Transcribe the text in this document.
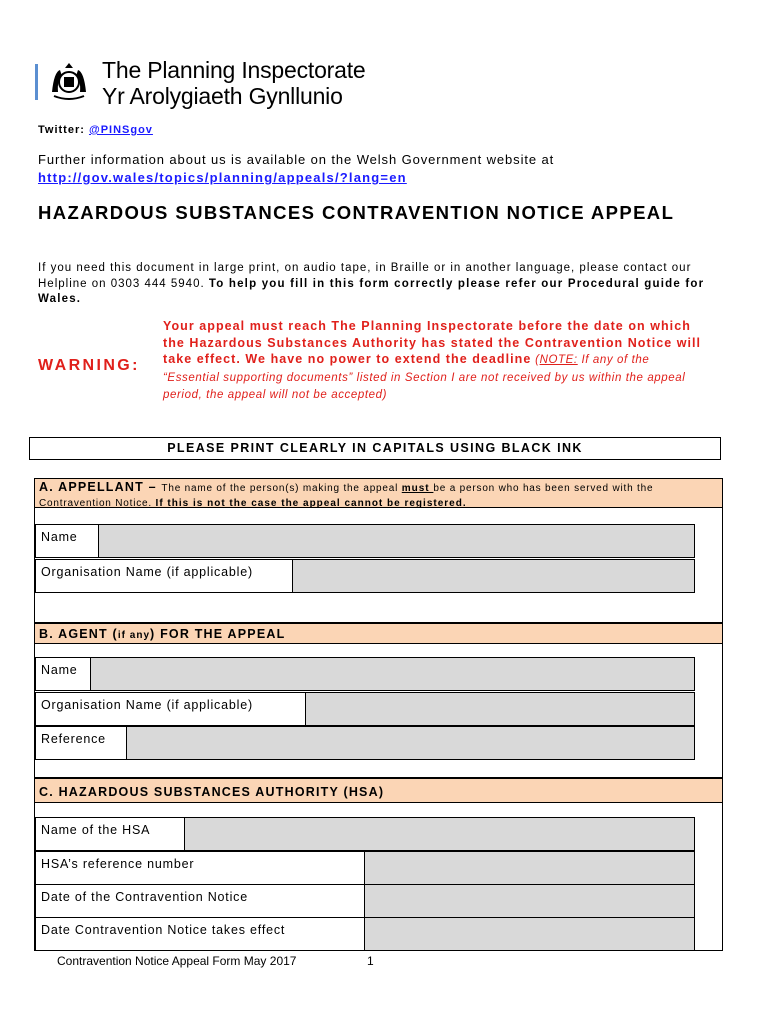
The Planning Inspectorate
Yr Arolygiaeth Gynllunio
Twitter: @PINSgov
Further information about us is available on the Welsh Government website at
http://gov.wales/topics/planning/appeals/?lang=en
HAZARDOUS SUBSTANCES CONTRAVENTION NOTICE APPEAL
If you need this document in large print, on audio tape, in Braille or in another language, please contact our Helpline on 0303 444 5940. To help you fill in this form correctly please refer our Procedural guide for Wales.
WARNING:
Your appeal must reach The Planning Inspectorate before the date on which the Hazardous Substances Authority has stated the Contravention Notice will take effect. We have no power to extend the deadline (NOTE: If any of the “Essential supporting documents” listed in Section I are not received by us within the appeal period, the appeal will not be accepted)
PLEASE PRINT CLEARLY IN CAPITALS USING BLACK INK
A. APPELLANT – The name of the person(s) making the appeal must be a person who has been served with the Contravention Notice. If this is not the case the appeal cannot be registered.
Name
Organisation Name (if applicable)
B. AGENT (if any) FOR THE APPEAL
Name
Organisation Name (if applicable)
Reference
C. HAZARDOUS SUBSTANCES AUTHORITY (HSA)
Name of the HSA
HSA’s reference number
Date of the Contravention Notice
Date Contravention Notice takes effect
Contravention Notice Appeal Form May 2017	1
